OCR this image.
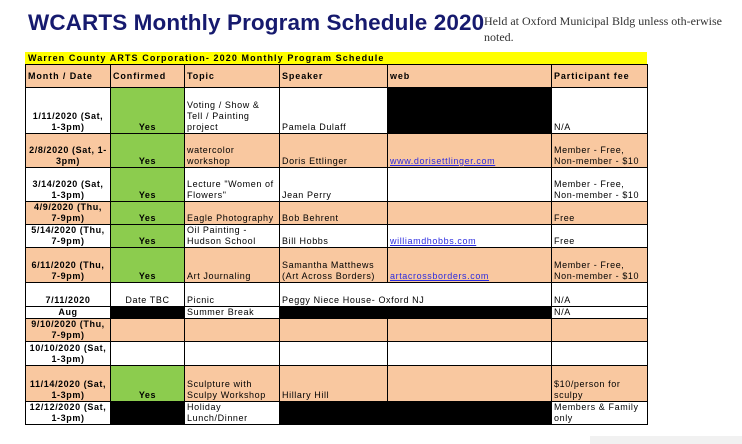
WCARTS Monthly Program Schedule 2020 Held at Oxford Municipal Bldg unless oth-erwise noted.
Warren County ARTS Corporation- 2020 Monthly Program Schedule
Month / Date	Confirmed	Topic	Speaker	web	Participant fee
1/11/2020 (Sat, 1-3pm)	Yes	Voting / Show & Tell / Painting project	Pamela Dulaff		N/A
2/8/2020 (Sat, 1-3pm)	Yes	watercolor workshop	Doris Ettlinger	www.dorisettlinger.com	Member - Free, Non-member - $10
3/14/2020 (Sat, 1-3pm)	Yes	Lecture "Women of Flowers"	Jean Perry		Member - Free, Non-member - $10
4/9/2020 (Thu, 7-9pm)	Yes	Eagle Photography	Bob Behrent		Free
5/14/2020 (Thu, 7-9pm)	Yes	Oil Painting - Hudson School	Bill Hobbs	williamdhobbs.com	Free
6/11/2020 (Thu, 7-9pm)	Yes	Art Journaling	Samantha Matthews (Art Across Borders)	artacrossborders.com	Member - Free, Non-member - $10
7/11/2020	Date TBC	Picnic	Peggy Niece House- Oxford NJ		N/A
Aug		Summer Break			N/A
9/10/2020 (Thu, 7-9pm)					
10/10/2020 (Sat, 1-3pm)					
11/14/2020 (Sat, 1-3pm)	Yes	Sculpture with Sculpy Workshop	Hillary Hill		$10/person for sculpy
12/12/2020 (Sat, 1-3pm)		Holiday Lunch/Dinner			Members & Family only
